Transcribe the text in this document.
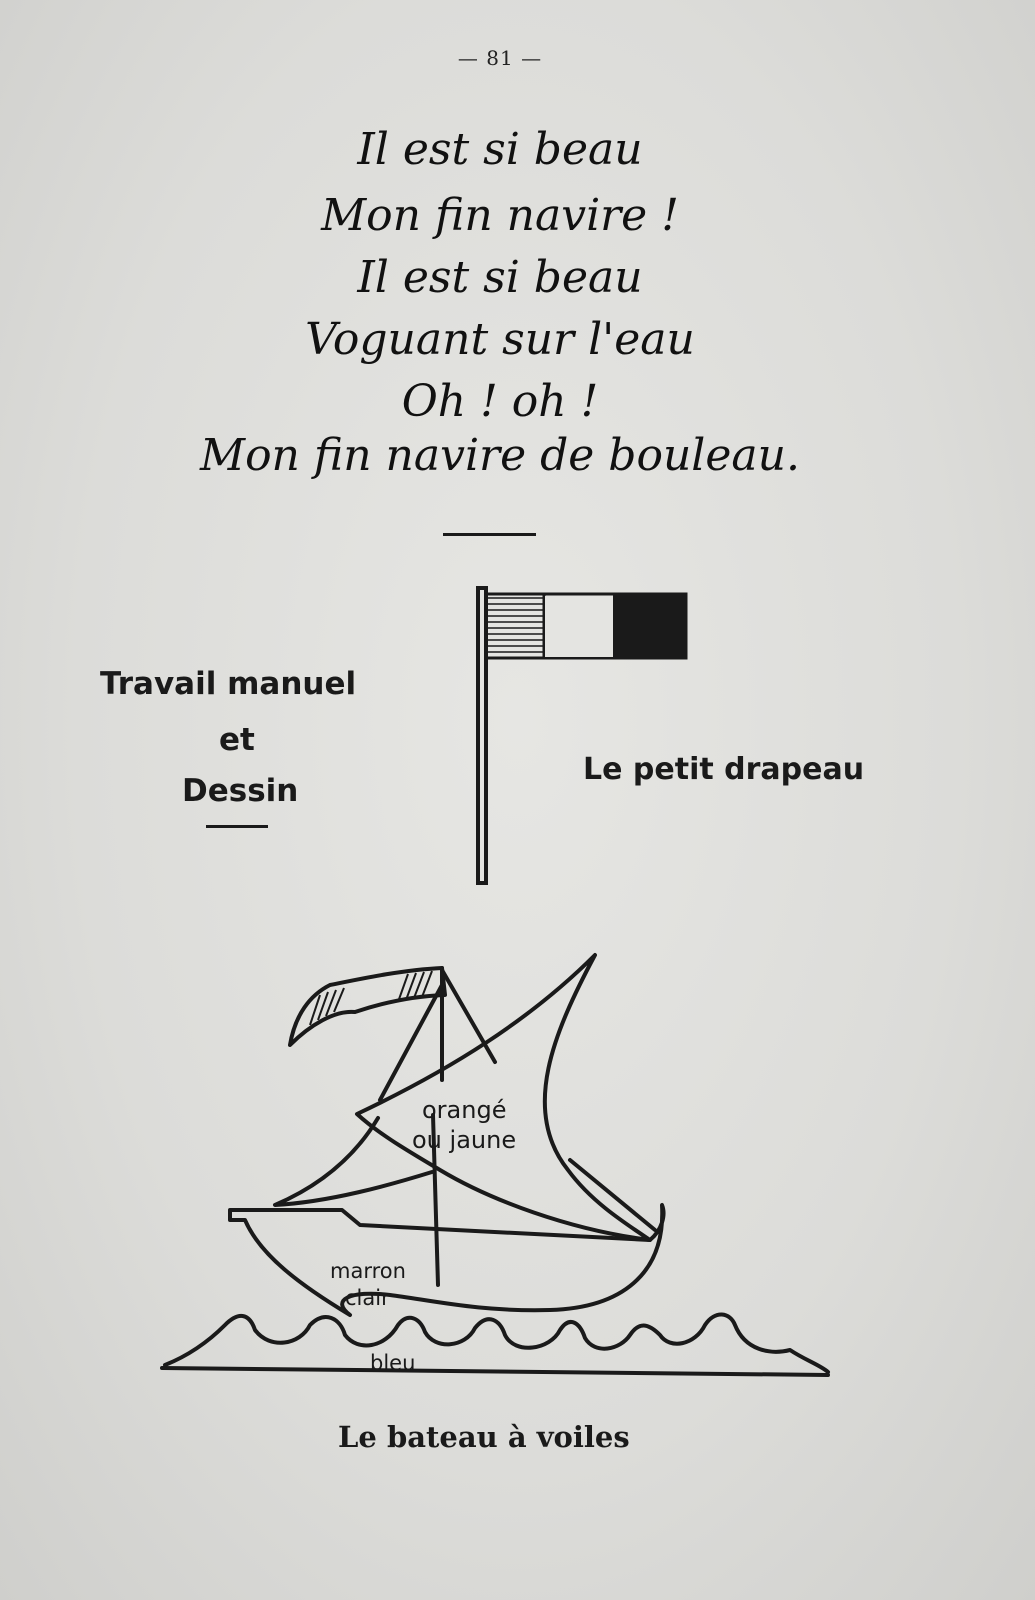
— 81 —
Il est si beau
Mon fin navire !
Il est si beau
Voguant sur l'eau
Oh ! oh !
Mon fin navire de bouleau.
Travail manuel
et
Dessin
Le petit drapeau
orangé
ou jaune
marron
clair
bleu
Le bateau à voiles
